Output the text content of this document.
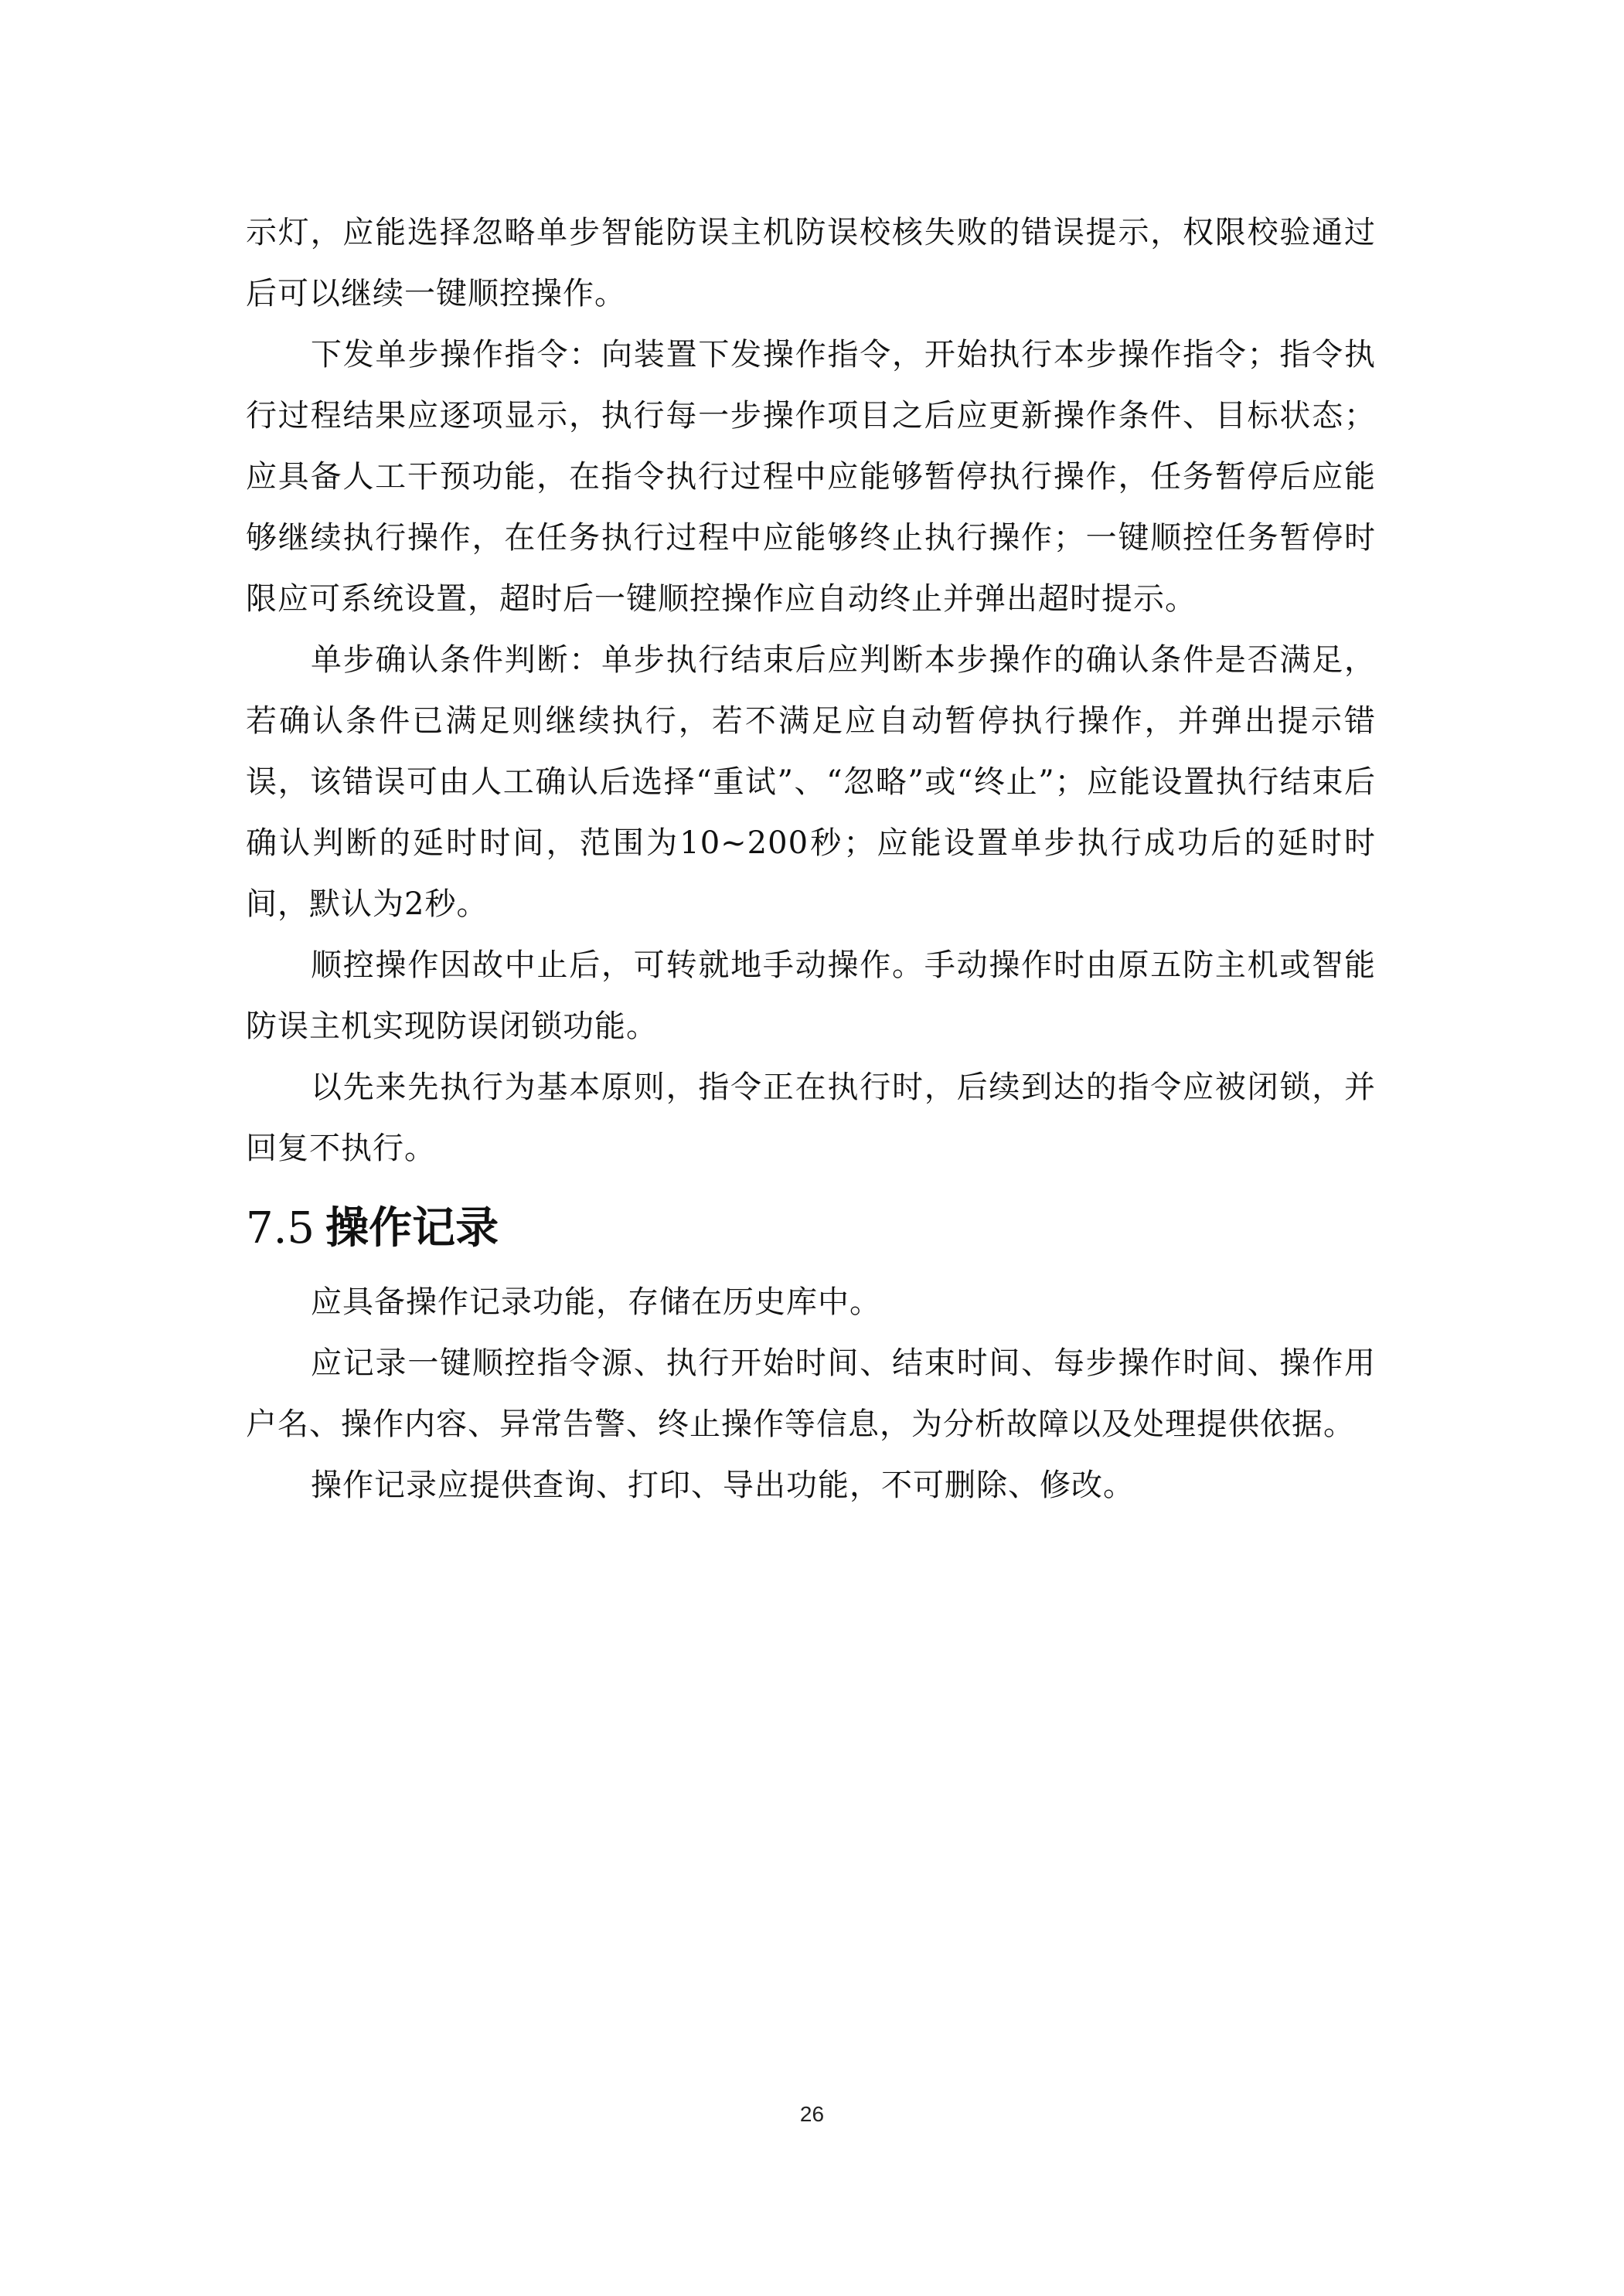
示灯，应能选择忽略单步智能防误主机防误校核失败的错误提示，权限校验通过后可以继续一键顺控操作。

下发单步操作指令：向装置下发操作指令，开始执行本步操作指令；指令执行过程结果应逐项显示，执行每一步操作项目之后应更新操作条件、目标状态；应具备人工干预功能，在指令执行过程中应能够暂停执行操作，任务暂停后应能够继续执行操作，在任务执行过程中应能够终止执行操作；一键顺控任务暂停时限应可系统设置，超时后一键顺控操作应自动终止并弹出超时提示。

单步确认条件判断：单步执行结束后应判断本步操作的确认条件是否满足，若确认条件已满足则继续执行，若不满足应自动暂停执行操作，并弹出提示错误，该错误可由人工确认后选择“重试”、“忽略”或“终止”；应能设置执行结束后确认判断的延时时间，范围为10~200秒；应能设置单步执行成功后的延时时间，默认为2秒。

顺控操作因故中止后，可转就地手动操作。手动操作时由原五防主机或智能防误主机实现防误闭锁功能。

以先来先执行为基本原则，指令正在执行时，后续到达的指令应被闭锁，并回复不执行。

7.5 操作记录

应具备操作记录功能，存储在历史库中。

应记录一键顺控指令源、执行开始时间、结束时间、每步操作时间、操作用户名、操作内容、异常告警、终止操作等信息，为分析故障以及处理提供依据。

操作记录应提供查询、打印、导出功能，不可删除、修改。

26
